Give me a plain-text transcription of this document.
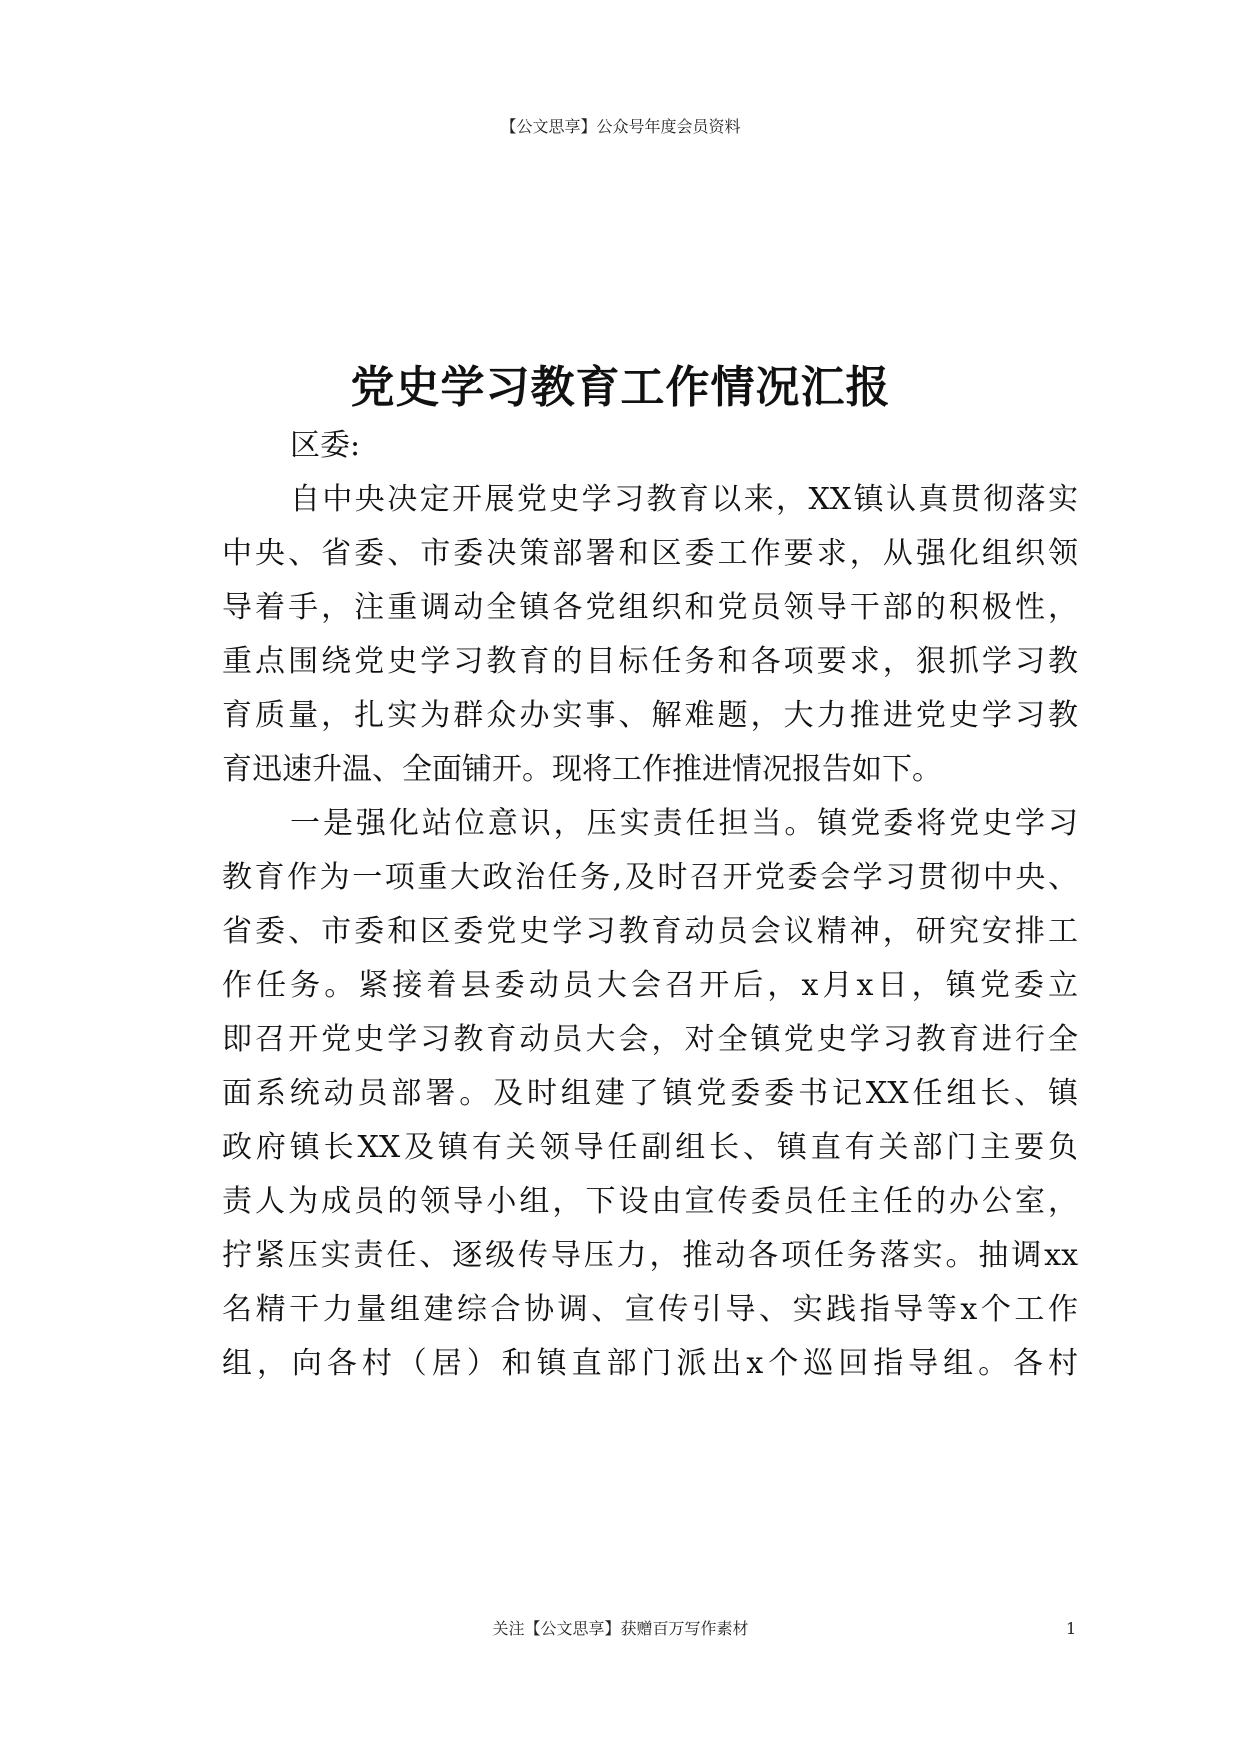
【公文思享】公众号年度会员资料
党史学习教育工作情况汇报
区委:
自中央决定开展党史学习教育以来，XX镇认真贯彻落实
中央、省委、市委决策部署和区委工作要求，从强化组织领
导着手，注重调动全镇各党组织和党员领导干部的积极性，
重点围绕党史学习教育的目标任务和各项要求，狠抓学习教
育质量，扎实为群众办实事、解难题，大力推进党史学习教
育迅速升温、全面铺开。现将工作推进情况报告如下。
一是强化站位意识，压实责任担当。镇党委将党史学习
教育作为一项重大政治任务,及时召开党委会学习贯彻中央、
省委、市委和区委党史学习教育动员会议精神，研究安排工
作任务。紧接着县委动员大会召开后，x月x日，镇党委立
即召开党史学习教育动员大会，对全镇党史学习教育进行全
面系统动员部署。及时组建了镇党委委书记XX任组长、镇
政府镇长XX及镇有关领导任副组长、镇直有关部门主要负
责人为成员的领导小组，下设由宣传委员任主任的办公室，
拧紧压实责任、逐级传导压力，推动各项任务落实。抽调xx
名精干力量组建综合协调、宣传引导、实践指导等x个工作
组，向各村（居）和镇直部门派出x个巡回指导组。各村
关注【公文思享】获赠百万写作素材	1
